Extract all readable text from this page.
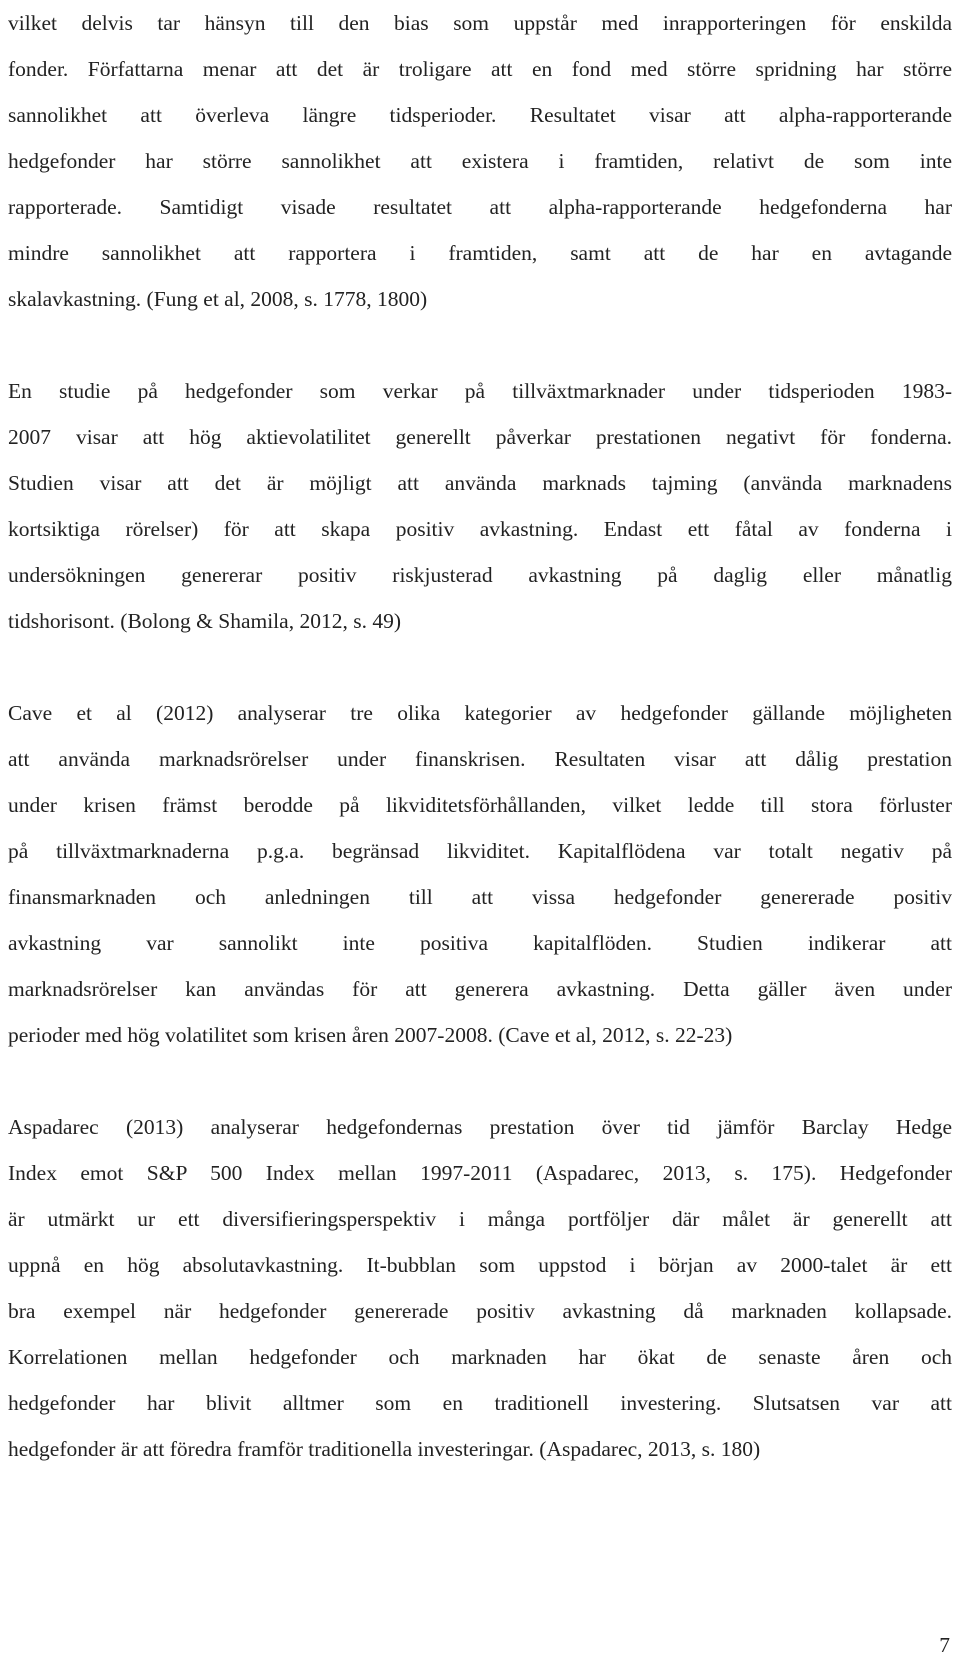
vilket delvis tar hänsyn till den bias som uppstår med inrapporteringen för enskilda
fonder. Författarna menar att det är troligare att en fond med större spridning har större
sannolikhet att överleva längre tidsperioder. Resultatet visar att alpha-rapporterande
hedgefonder har större sannolikhet att existera i framtiden, relativt de som inte
rapporterade. Samtidigt visade resultatet att alpha-rapporterande hedgefonderna har
mindre sannolikhet att rapportera i framtiden, samt att de har en avtagande
skalavkastning. (Fung et al, 2008, s. 1778, 1800)

En studie på hedgefonder som verkar på tillväxtmarknader under tidsperioden 1983-
2007 visar att hög aktievolatilitet generellt påverkar prestationen negativt för fonderna.
Studien visar att det är möjligt att använda marknads tajming (använda marknadens
kortsiktiga rörelser) för att skapa positiv avkastning. Endast ett fåtal av fonderna i
undersökningen genererar positiv riskjusterad avkastning på daglig eller månatlig
tidshorisont. (Bolong & Shamila, 2012, s. 49)

Cave et al (2012) analyserar tre olika kategorier av hedgefonder gällande möjligheten
att använda marknadsrörelser under finanskrisen. Resultaten visar att dålig prestation
under krisen främst berodde på likviditetsförhållanden, vilket ledde till stora förluster
på tillväxtmarknaderna p.g.a. begränsad likviditet. Kapitalflödena var totalt negativ på
finansmarknaden och anledningen till att vissa hedgefonder genererade positiv
avkastning var sannolikt inte positiva kapitalflöden. Studien indikerar att
marknadsrörelser kan användas för att generera avkastning. Detta gäller även under
perioder med hög volatilitet som krisen åren 2007-2008. (Cave et al, 2012, s. 22-23)

Aspadarec (2013) analyserar hedgefondernas prestation över tid jämför Barclay Hedge
Index emot S&P 500 Index mellan 1997-2011 (Aspadarec, 2013, s. 175). Hedgefonder
är utmärkt ur ett diversifieringsperspektiv i många portföljer där målet är generellt att
uppnå en hög absolutavkastning. It-bubblan som uppstod i början av 2000-talet är ett
bra exempel när hedgefonder genererade positiv avkastning då marknaden kollapsade.
Korrelationen mellan hedgefonder och marknaden har ökat de senaste åren och
hedgefonder har blivit alltmer som en traditionell investering. Slutsatsen var att
hedgefonder är att föredra framför traditionella investeringar. (Aspadarec, 2013, s. 180)

7
